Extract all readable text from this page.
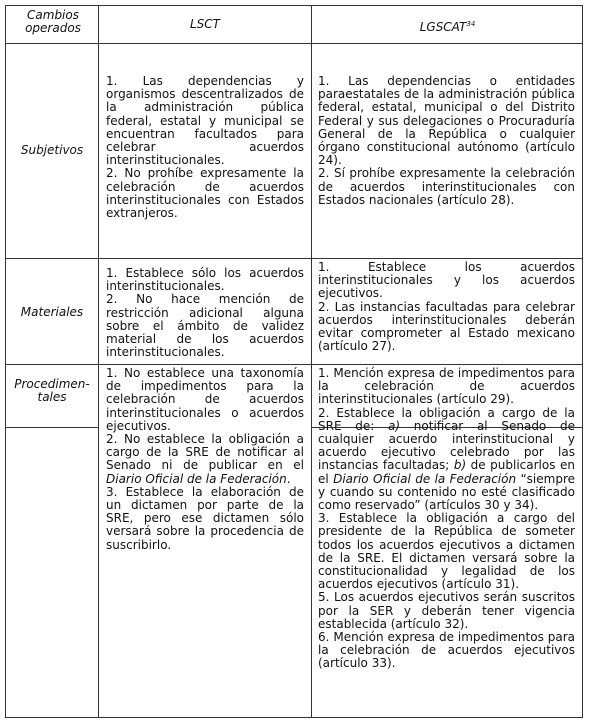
Cambios operados	LSCT	LGSCAT$^{34}$
Subjetivos

1. Las dependencias y organismos descentralizados de la administración pública federal, estatal y municipal se encuentran facultados para celebrar acuerdos interinstitucionales.

2. No prohíbe expresamente la celebración de acuerdos interinstitucionales con Estados extranjeros.

1. Las dependencias o entidades paraestatales de la administración pública federal, estatal, municipal o del Distrito Federal y sus delegaciones o Procuraduría General de la República o cualquier órgano constitucional autónomo (artículo 24).

2. Sí prohíbe expresamente la celebración de acuerdos interinstitucionales con Estados nacionales (artículo 28).

Materiales

1. Establece sólo los acuerdos interinstitucionales.

2. No hace mención de restricción adicional alguna sobre el ámbito de validez material de los acuerdos interinstitucionales.

1. Establece los acuerdos interinstitucionales y los acuerdos ejecutivos.

2. Las instancias facultadas para celebrar acuerdos interinstitucionales deberán evitar comprometer al Estado mexicano (artículo 27).

Procedimen-tales

1. No establece una taxonomía de impedimentos para la celebración de acuerdos interinstitucionales o acuerdos ejecutivos.

2. No establece la obligación a cargo de la SRE de notificar al Senado ni de publicar en el Diario Oficial de la Federación.

3. Establece la elaboración de un dictamen por parte de la SRE, pero ese dictamen sólo versará sobre la procedencia de suscribirlo.

1. Mención expresa de impedimentos para la celebración de acuerdos interinstitucionales (artículo 29).

2. Establece la obligación a cargo de la SRE de: a) notificar al Senado de cualquier acuerdo interinstitucional y acuerdo ejecutivo celebrado por las instancias facultadas; b) de publicarlos en el Diario Oficial de la Federación “siempre y cuando su contenido no esté clasificado como reservado” (artículos 30 y 34).

3. Establece la obligación a cargo del presidente de la República de someter todos los acuerdos ejecutivos a dictamen de la SRE. El dictamen versará sobre la constitucionalidad y legalidad de los acuerdos ejecutivos (artículo 31).

5. Los acuerdos ejecutivos serán suscritos por la SER y deberán tener vigencia establecida (artículo 32).

6. Mención expresa de impedimentos para la celebración de acuerdos ejecutivos (artículo 33).
